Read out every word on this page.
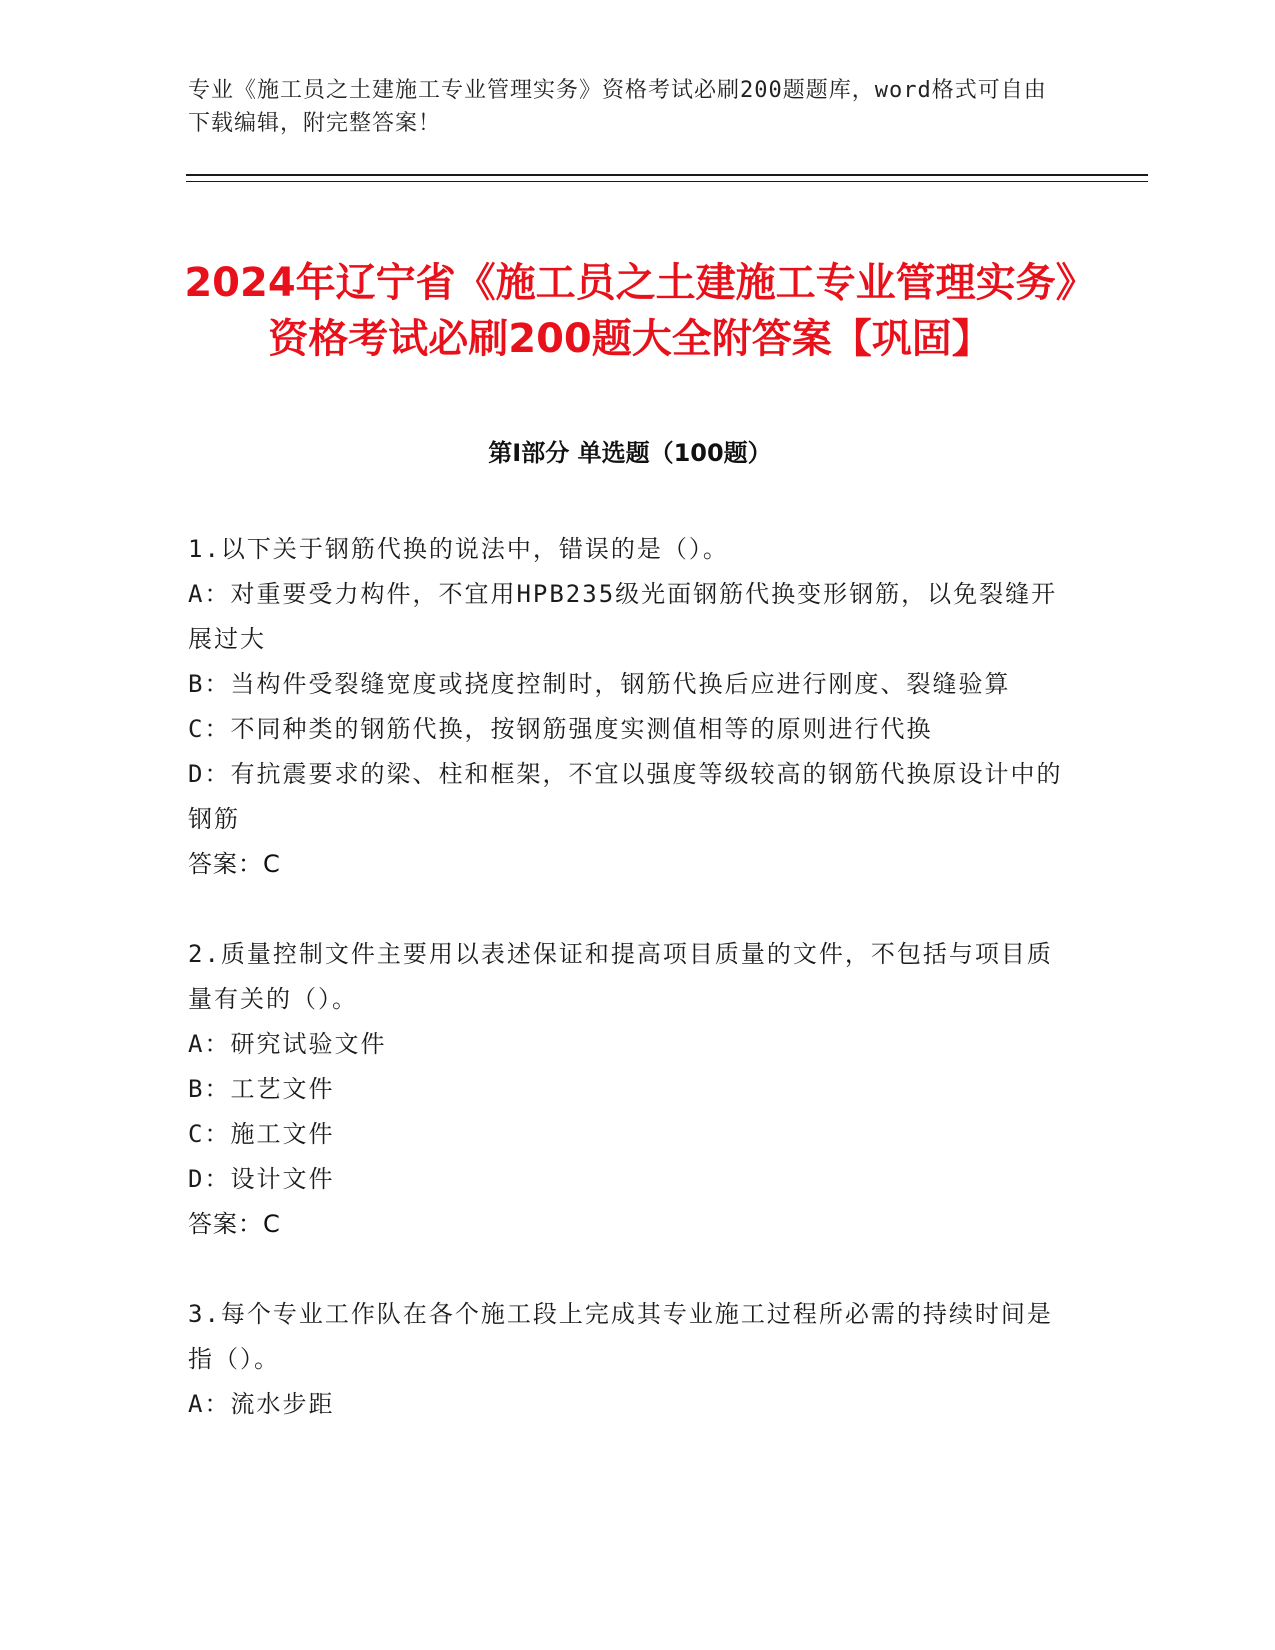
专业《施工员之土建施工专业管理实务》资格考试必刷200题题库，word格式可自由下载编辑，附完整答案！
2024年辽宁省《施工员之土建施工专业管理实务》资格考试必刷200题大全附答案【巩固】
第I部分 单选题（100题）

1.以下关于钢筋代换的说法中，错误的是（）。

A：对重要受力构件，不宜用HPB235级光面钢筋代换变形钢筋，以免裂缝开展过大

B：当构件受裂缝宽度或挠度控制时，钢筋代换后应进行刚度、裂缝验算

C：不同种类的钢筋代换，按钢筋强度实测值相等的原则进行代换

D：有抗震要求的梁、柱和框架，不宜以强度等级较高的钢筋代换原设计中的钢筋

答案：C

2.质量控制文件主要用以表述保证和提高项目质量的文件，不包括与项目质量有关的（）。

A：研究试验文件

B：工艺文件

C：施工文件

D：设计文件

答案：C

3.每个专业工作队在各个施工段上完成其专业施工过程所必需的持续时间是指（）。

A：流水步距
